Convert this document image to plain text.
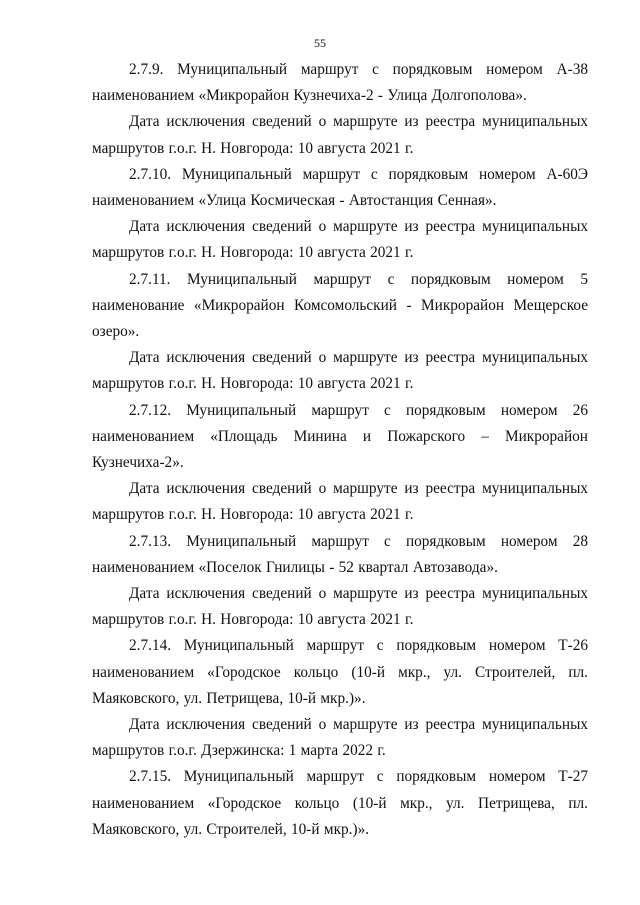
55

2.7.9. Муниципальный маршрут с порядковым номером А-38 наименованием «Микрорайон Кузнечиха-2 - Улица Долгополова».

Дата исключения сведений о маршруте из реестра муниципальных маршрутов г.о.г. Н. Новгорода: 10 августа 2021 г.

2.7.10. Муниципальный маршрут с порядковым номером А-60Э наименованием «Улица Космическая - Автостанция Сенная».

Дата исключения сведений о маршруте из реестра муниципальных маршрутов г.о.г. Н. Новгорода: 10 августа 2021 г.

2.7.11. Муниципальный маршрут с порядковым номером 5 наименование «Микрорайон Комсомольский - Микрорайон Мещерское озеро».

Дата исключения сведений о маршруте из реестра муниципальных маршрутов г.о.г. Н. Новгорода: 10 августа 2021 г.

2.7.12. Муниципальный маршрут с порядковым номером 26 наименованием «Площадь Минина и Пожарского – Микрорайон Кузнечиха-2».

Дата исключения сведений о маршруте из реестра муниципальных маршрутов г.о.г. Н. Новгорода: 10 августа 2021 г.

2.7.13. Муниципальный маршрут с порядковым номером 28 наименованием «Поселок Гнилицы - 52 квартал Автозавода».

Дата исключения сведений о маршруте из реестра муниципальных маршрутов г.о.г. Н. Новгорода: 10 августа 2021 г.

2.7.14. Муниципальный маршрут с порядковым номером Т-26 наименованием «Городское кольцо (10-й мкр., ул. Строителей, пл. Маяковского, ул. Петрищева, 10-й мкр.)».

Дата исключения сведений о маршруте из реестра муниципальных маршрутов г.о.г. Дзержинска: 1 марта 2022 г.

2.7.15. Муниципальный маршрут с порядковым номером Т-27 наименованием «Городское кольцо (10-й мкр., ул. Петрищева, пл. Маяковского, ул. Строителей, 10-й мкр.)».
